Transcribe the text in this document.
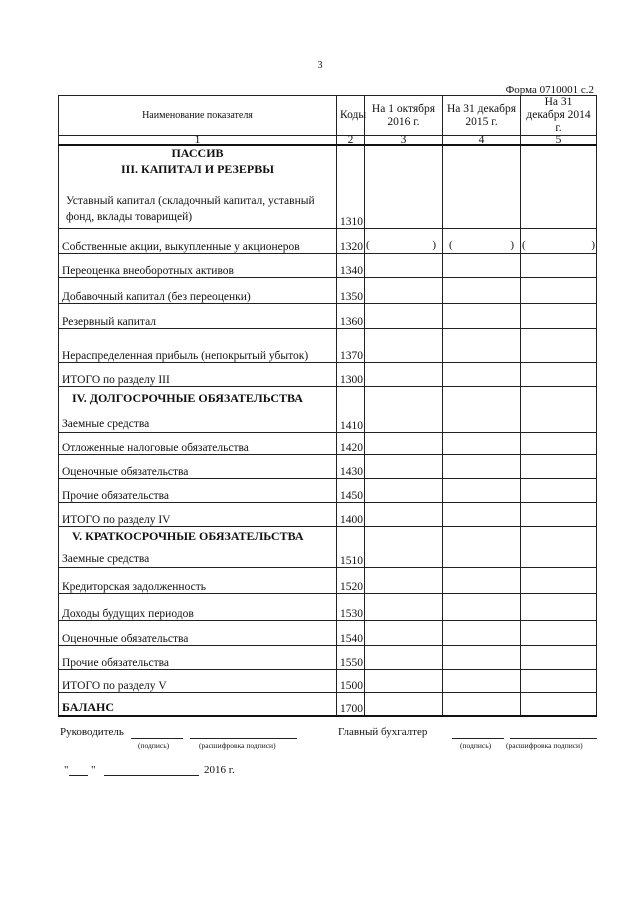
3
Форма 0710001 с.2
Наименование показателя	Коды	На 1 октября 2016 г.	На 31 декабря 2015 г.	На 31 декабря 2014 г.
1	2	3	4	5

ПАССИВ
III. КАПИТАЛ И РЕЗЕРВЫ
Уставный капитал (складочный капитал, уставный фонд, вклады товарищей)	1310			
Собственные акции, выкупленные у акционеров	1320	( )	( )	( )

Переоценка внеоборотных активов	1340			
Добавочный капитал (без переоценки)	1350			
Резервный капитал	1360			
Нераспределенная прибыль (непокрытый убыток)	1370			
ИТОГО по разделу III	1300			

IV. ДОЛГОСРОЧНЫЕ ОБЯЗАТЕЛЬСТВА
Заемные средства	1410			
Отложенные налоговые обязательства	1420			
Оценочные обязательства	1430			
Прочие обязательства	1450			
ИТОГО по разделу IV	1400			

V. КРАТКОСРОЧНЫЕ ОБЯЗАТЕЛЬСТВА
Заемные средства	1510			
Кредиторская задолженность	1520			
Доходы будущих периодов	1530			
Оценочные обязательства	1540			
Прочие обязательства	1550			
ИТОГО по разделу V	1500			
БАЛАНС	1700			
Руководитель
(подпись)	(расшифровка подписи)
Главный бухгалтер
(подпись) (расшифровка подписи)
" "	2016 г.
